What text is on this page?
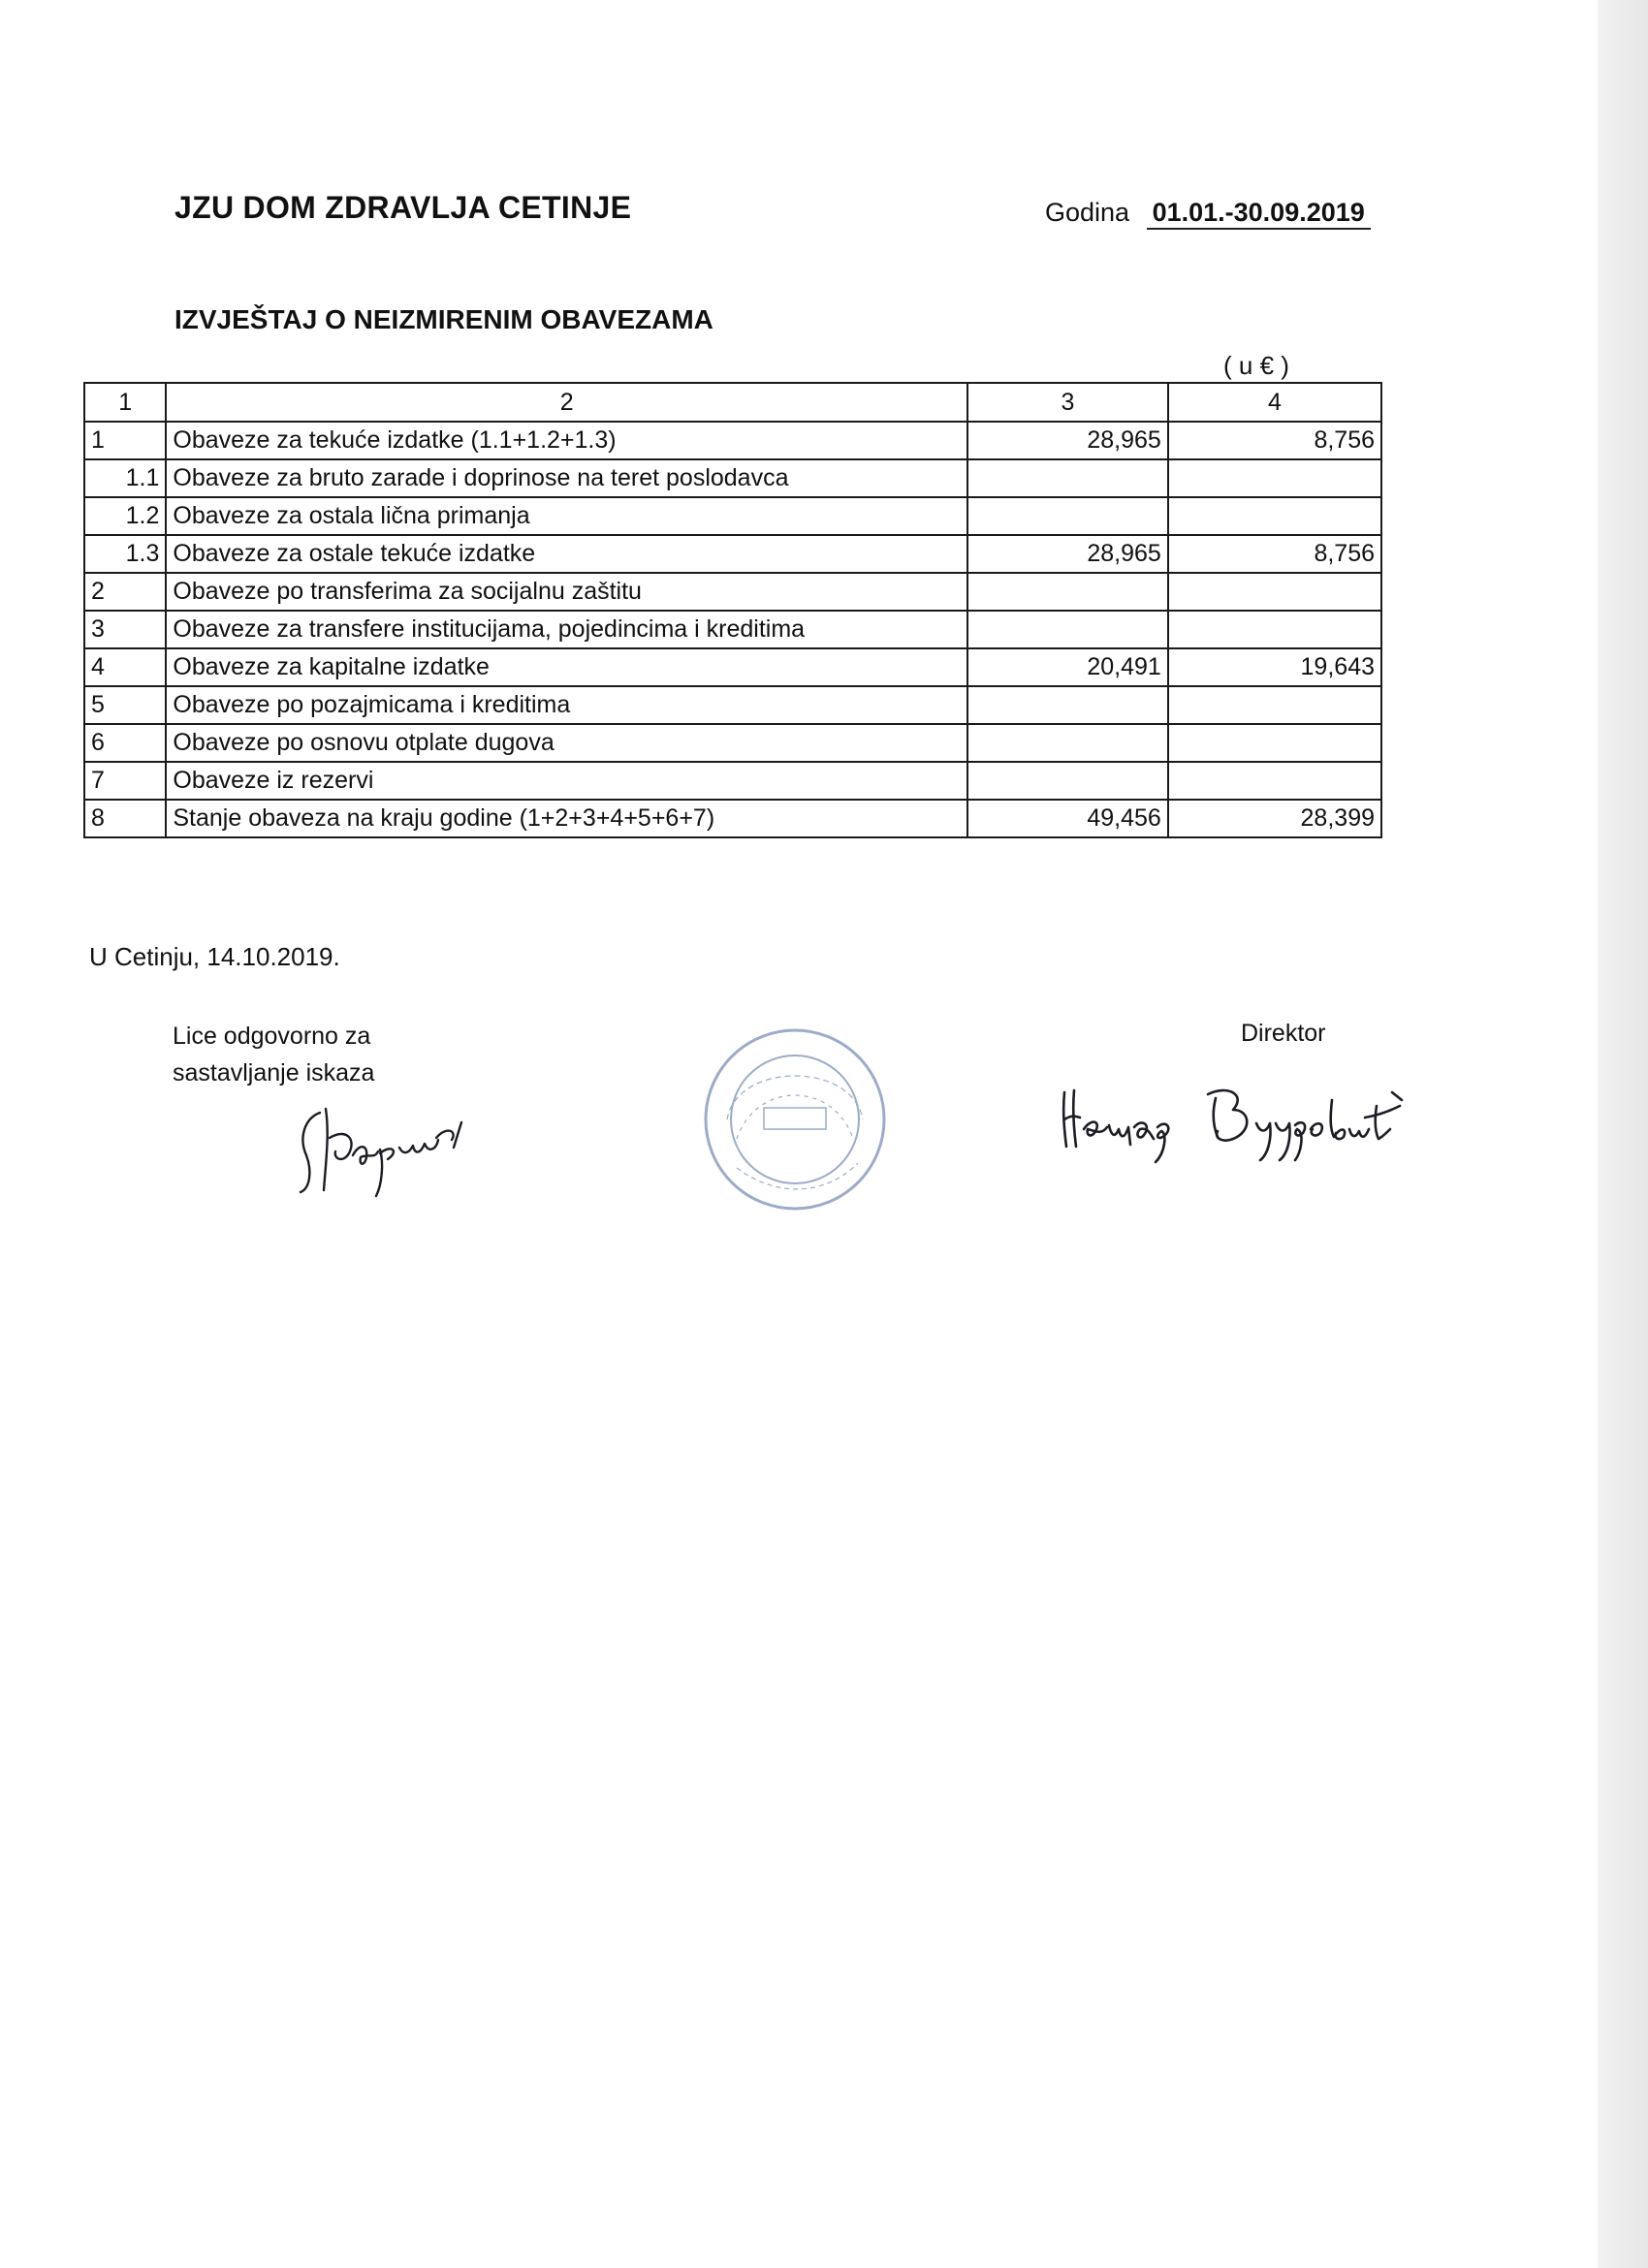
JZU DOM ZDRAVLJA CETINJE	Godina 01.01.-30.09.2019
IZVJEŠTAJ O NEIZMIRENIM OBAVEZAMA
( u € )
1	2	3	4
1	Obaveze za tekuće izdatke (1.1+1.2+1.3)	28,965	8,756
1.1	Obaveze za bruto zarade i doprinose na teret poslodavca		
1.2	Obaveze za ostala lična primanja		
1.3	Obaveze za ostale tekuće izdatke	28,965	8,756
2	Obaveze po transferima za socijalnu zaštitu		
3	Obaveze za transfere institucijama, pojedincima i kreditima		
4	Obaveze za kapitalne izdatke	20,491	19,643
5	Obaveze po pozajmicama i kreditima		
6	Obaveze po osnovu otplate dugova		
7	Obaveze iz rezervi		
8	Stanje obaveza na kraju godine (1+2+3+4+5+6+7)	49,456	28,399
U Cetinju, 14.10.2019.
Lice odgovorno za
sastavljanje iskaza
Direktor
